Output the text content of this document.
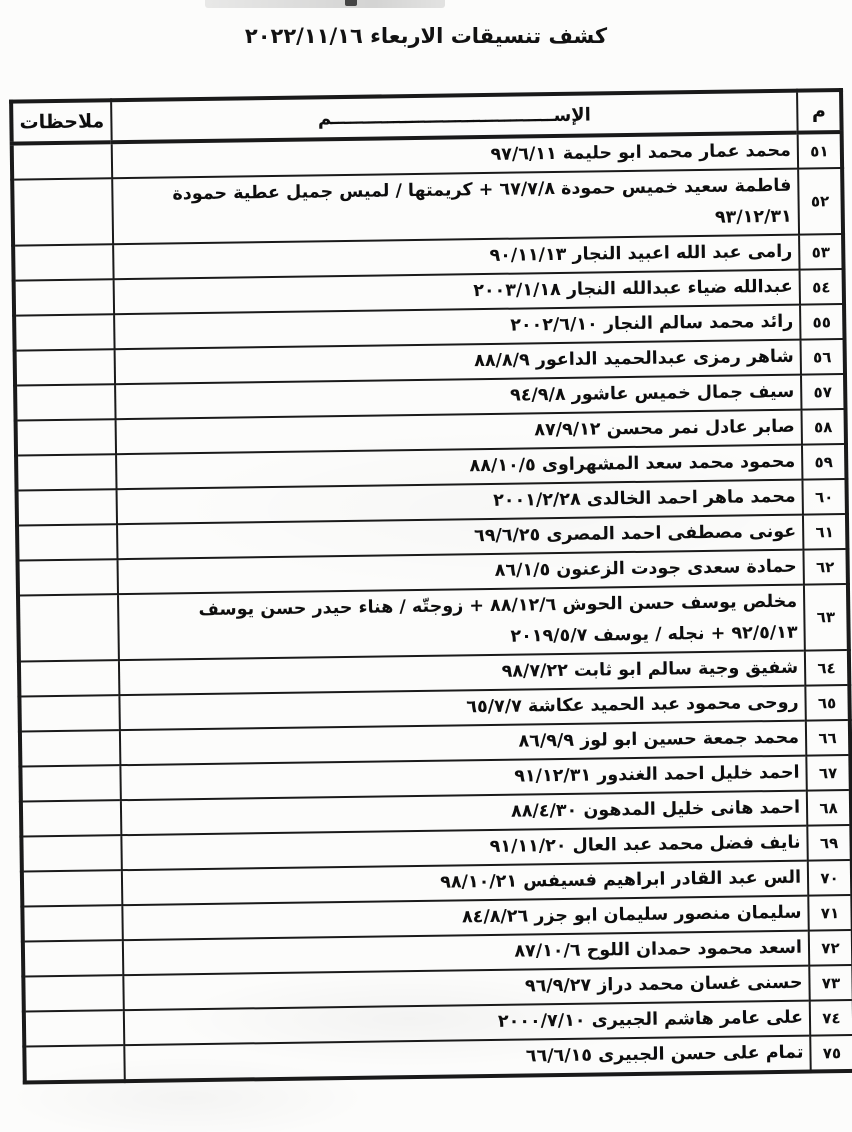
كشف تنسيقات الاربعاء ٢٠٢٢/١١/١٦
م	الإســــــــــــــــــــــــــــــــــــم	ملاحظات
٥١	محمد عمار محمد ابو حليمة ٩٧/٦/١١	
٥٢	فاطمة سعيد خميس حمودة ٦٧/٧/٨ + كريمتها / لميس جميل عطية حمودة
٩٣/١٢/٣١	
٥٣	رامى عبد الله اعبيد النجار ٩٠/١١/١٣	
٥٤	عبدالله ضياء عبدالله النجار ٢٠٠٣/١/١٨	
٥٥	رائد محمد سالم النجار ٢٠٠٢/٦/١٠	
٥٦	شاهر رمزى عبدالحميد الداعور ٨٨/٨/٩	
٥٧	سيف جمال خميس عاشور ٩٤/٩/٨	
٥٨	صابر عادل نمر محسن ٨٧/٩/١٢	
٥٩	محمود محمد سعد المشهراوى ٨٨/١٠/٥	
٦٠	محمد ماهر احمد الخالدى ٢٠٠١/٢/٢٨	
٦١	عونى مصطفى احمد المصرى ٦٩/٦/٢٥	
٦٢	حمادة سعدى جودت الزعنون ٨٦/١/٥	
٦٣	مخلص يوسف حسن الحوش ٨٨/١٢/٦ + زوجتّه / هناء حيدر حسن يوسف
٩٢/٥/١٣ + نجله / يوسف ٢٠١٩/٥/٧	
٦٤	شفيق وجية سالم ابو ثابت ٩٨/٧/٢٢	
٦٥	روحى محمود عبد الحميد عكاشة ٦٥/٧/٧	
٦٦	محمد جمعة حسين ابو لوز ٨٦/٩/٩	
٦٧	احمد خليل احمد الغندور ٩١/١٢/٣١	
٦٨	احمد هانى خليل المدهون ٨٨/٤/٣٠	
٦٩	نايف فضل محمد عبد العال ٩١/١١/٢٠	
٧٠	الس عبد القادر ابراهيم فسيفس ٩٨/١٠/٢١	
٧١	سليمان منصور سليمان ابو جزر ٨٤/٨/٢٦	
٧٢	اسعد محمود حمدان اللوح ٨٧/١٠/٦	
٧٣	حسنى غسان محمد دراز ٩٦/٩/٢٧	
٧٤	على عامر هاشم الجبيرى ٢٠٠٠/٧/١٠	
٧٥	تمام على حسن الجبيرى ٦٦/٦/١٥	
